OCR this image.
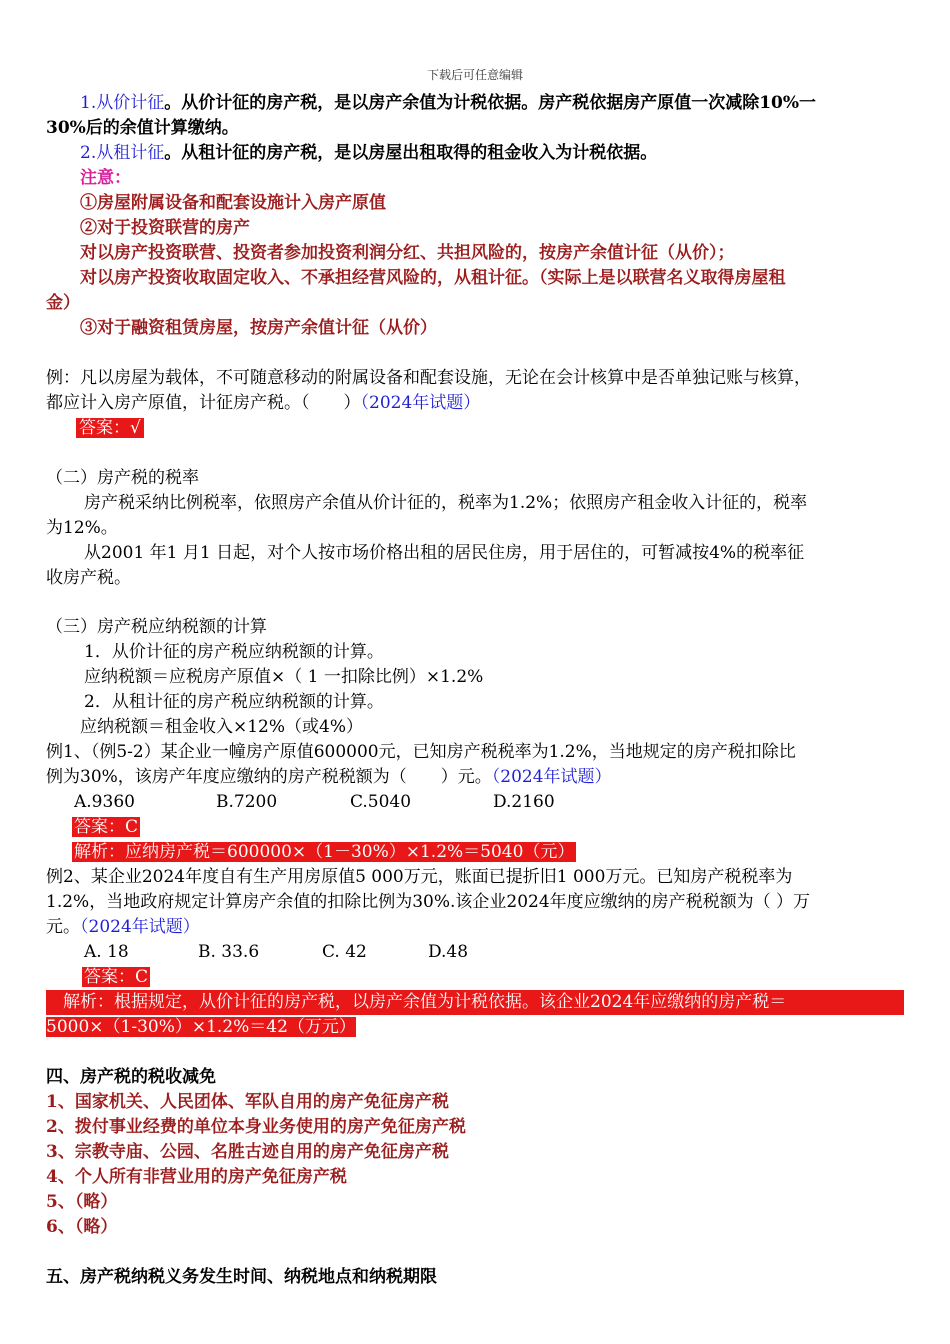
下载后可任意编辑
1.从价计征。从价计征的房产税，是以房产余值为计税依据。房产税依据房产原值一次减除10%一
30%后的余值计算缴纳。
2.从租计征。从租计征的房产税，是以房屋出租取得的租金收入为计税依据。
注意：
①房屋附属设备和配套设施计入房产原值
②对于投资联营的房产
对以房产投资联营、投资者参加投资利润分红、共担风险的，按房产余值计征（从价）；
对以房产投资收取固定收入、不承担经营风险的，从租计征。（实际上是以联营名义取得房屋租
金）
③对于融资租赁房屋，按房产余值计征（从价）
例：凡以房屋为载体，不可随意移动的附属设备和配套设施，无论在会计核算中是否单独记账与核算，
都应计入房产原值，计征房产税。（　　）（2024年试题）
答案：√
（二）房产税的税率
房产税采纳比例税率，依照房产余值从价计征的，税率为1.2%；依照房产租金收入计征的，税率
为12%。
从2001 年1 月1 日起，对个人按市场价格出租的居民住房，用于居住的，可暂减按4%的税率征
收房产税。
（三）房产税应纳税额的计算
1．从价计征的房产税应纳税额的计算。
应纳税额＝应税房产原值×（ 1 一扣除比例）×1.2%
2．从租计征的房产税应纳税额的计算。
应纳税额＝租金收入×12%（或4%）
例1、（例5-2）某企业一幢房产原值600000元，已知房产税税率为1.2%，当地规定的房产税扣除比
例为30%，该房产年度应缴纳的房产税税额为（　　）元。（2024年试题）
A.9360	B.7200	C.5040	D.2160
答案：C
解析：应纳房产税＝600000×（1－30%）×1.2%＝5040（元）
例2、某企业2024年度自有生产用房原值5 000万元，账面已提折旧1 000万元。已知房产税税率为
1.2%，当地政府规定计算房产余值的扣除比例为30%.该企业2024年度应缴纳的房产税税额为（ ）万
元。（2024年试题）
A. 18	B. 33.6	C. 42	D.48
答案：C
　解析：根据规定，从价计征的房产税，以房产余值为计税依据。该企业2024年应缴纳的房产税＝
5000×（1-30%）×1.2%＝42（万元）
四、房产税的税收减免
1、国家机关、人民团体、军队自用的房产免征房产税
2、拨付事业经费的单位本身业务使用的房产免征房产税
3、宗教寺庙、公园、名胜古迹自用的房产免征房产税
4、个人所有非营业用的房产免征房产税
5、（略）
6、（略）
五、房产税纳税义务发生时间、纳税地点和纳税期限
